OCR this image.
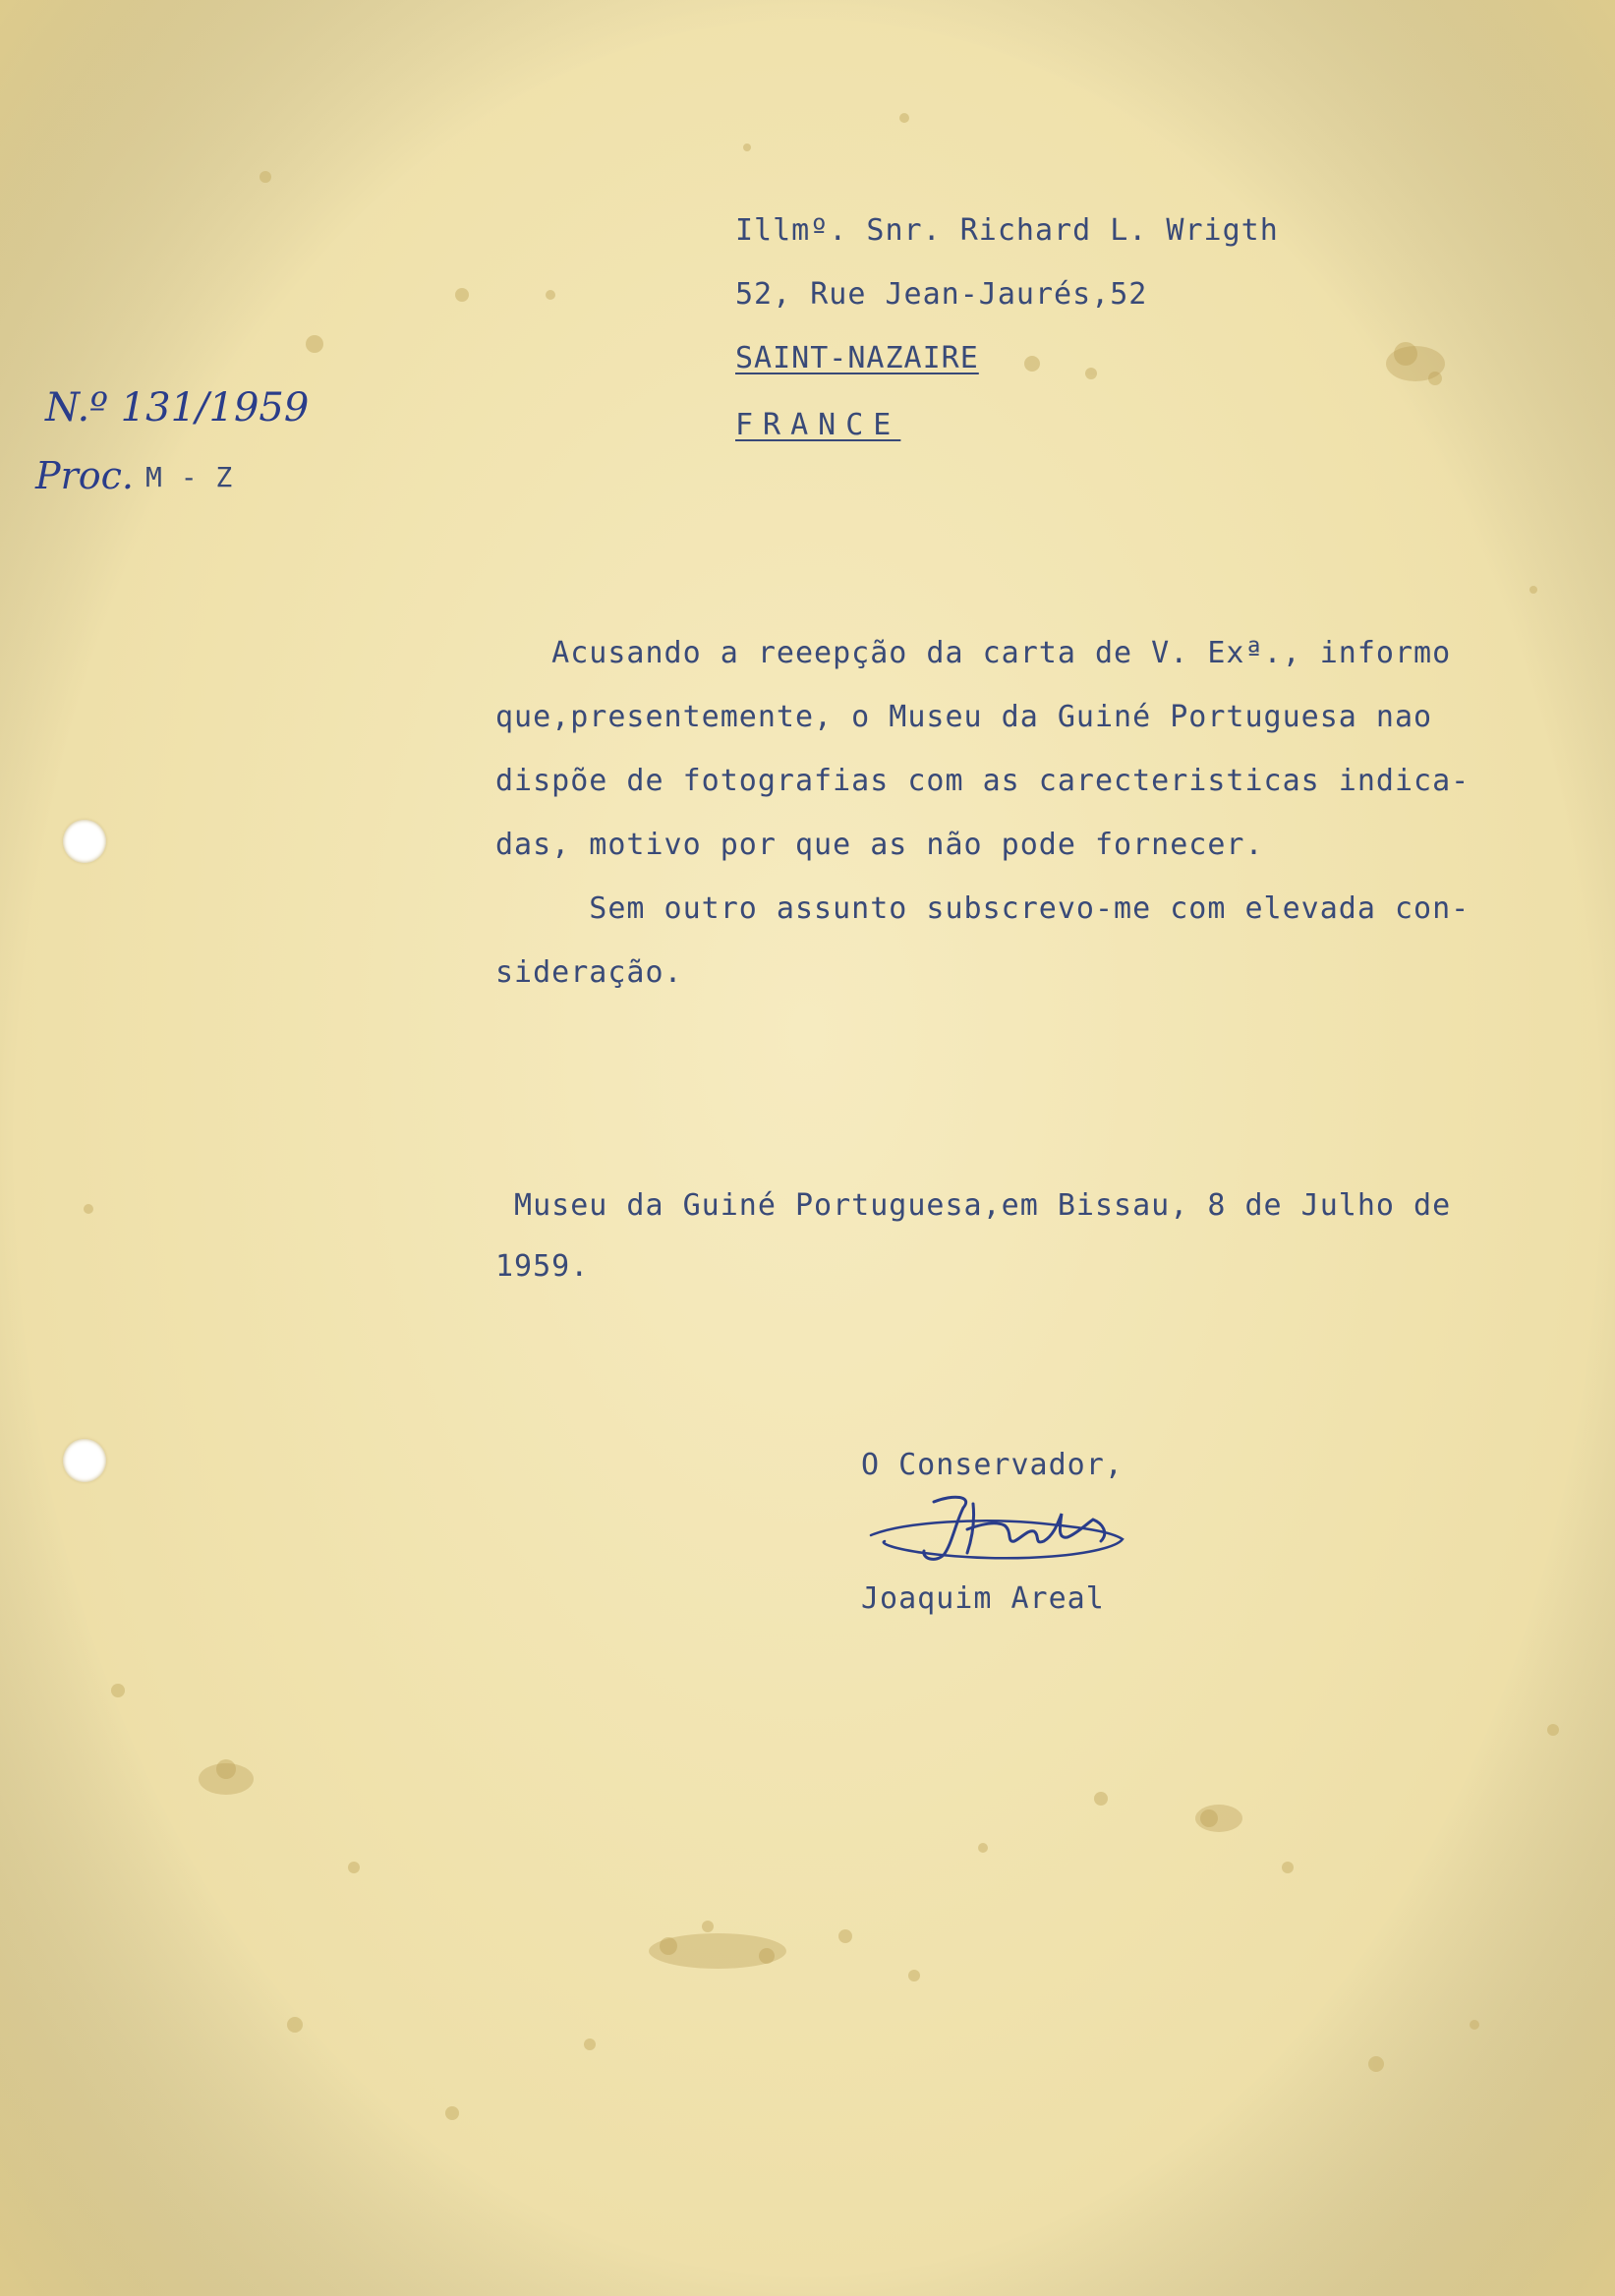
N.º 131/1959
Proc. M - Z
Illmº. Snr. Richard L. Wrigth
52, Rue Jean-Jaurés,52
SAINT-NAZAIRE
FRANCE
Acusando a reeepção da carta de V. Exª., informo
que,presentemente, o Museu da Guiné Portuguesa nao
dispõe de fotografias com as carecteristicas indica-
das, motivo por que as não pode fornecer.
Sem outro assunto subscrevo-me com elevada con-
sideração.
Museu da Guiné Portuguesa,em Bissau, 8 de Julho de
1959.
O Conservador,
Joaquim Areal
